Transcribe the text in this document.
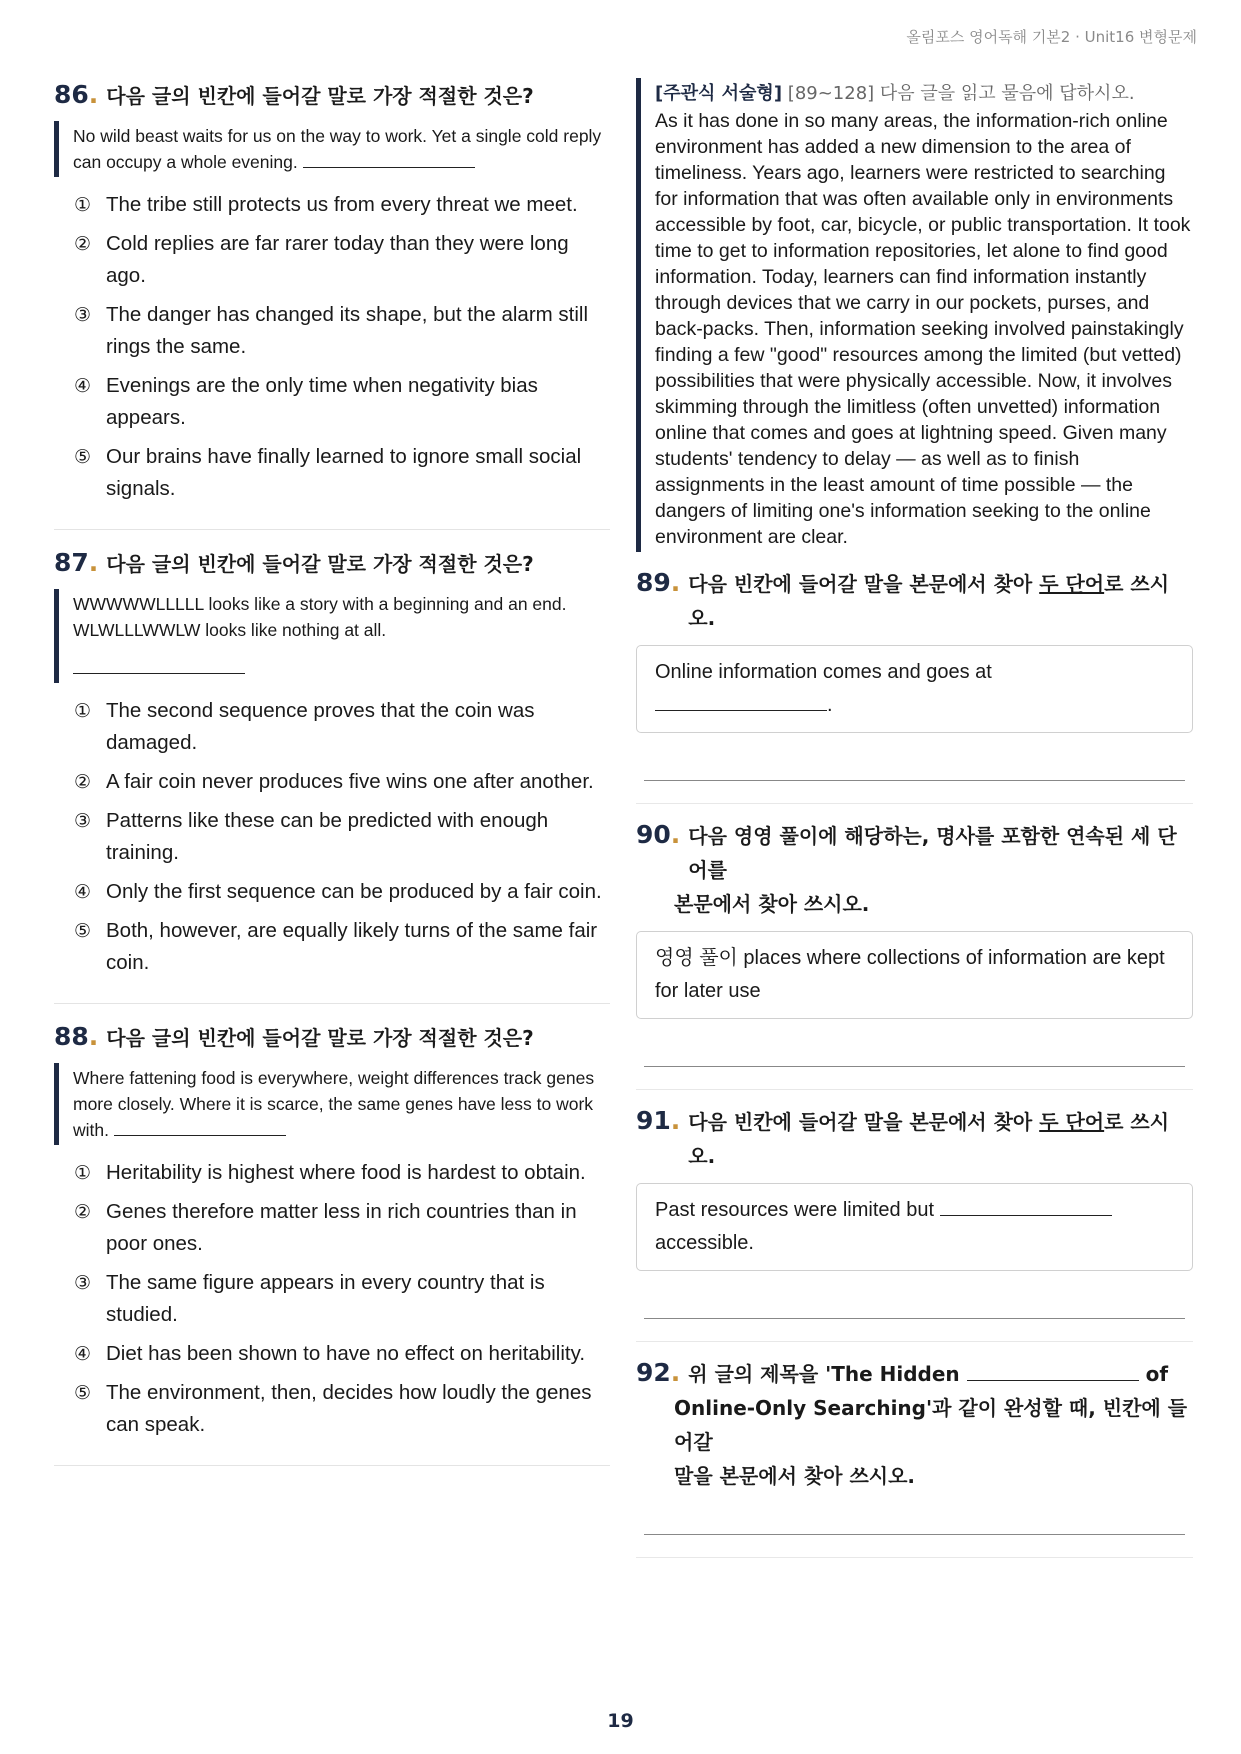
올림포스 영어독해 기본2 · Unit16 변형문제
86 . 다음 글의 빈칸에 들어갈 말로 가장 적절한 것은?
No wild beast waits for us on the way to work. Yet a single cold reply can occupy a whole evening.
① The tribe still protects us from every threat we meet.
② Cold replies are far rarer today than they were long ago.
③ The danger has changed its shape, but the alarm still rings the same.
④ Evenings are the only time when negativity bias appears.
⑤ Our brains have finally learned to ignore small social signals.
87 . 다음 글의 빈칸에 들어갈 말로 가장 적절한 것은?
WWWWWLLLLL looks like a story with a beginning and an end. WLWLLLWWLW looks like nothing at all.

① The second sequence proves that the coin was damaged.
② A fair coin never produces five wins one after another.
③ Patterns like these can be predicted with enough training.
④ Only the first sequence can be produced by a fair coin.
⑤ Both, however, are equally likely turns of the same fair coin.
88 . 다음 글의 빈칸에 들어갈 말로 가장 적절한 것은?
Where fattening food is everywhere, weight differences track genes more closely. Where it is scarce, the same genes have less to work with.
① Heritability is highest where food is hardest to obtain.
② Genes therefore matter less in rich countries than in poor ones.
③ The same figure appears in every country that is studied.
④ Diet has been shown to have no effect on heritability.
⑤ The environment, then, decides how loudly the genes can speak.
[주관식 서술형] [89~128] 다음 글을 읽고 물음에 답하시오.
As it has done in so many areas, the information-rich online environment has added a new dimension to the area of timeliness. Years ago, learners were restricted to searching for information that was often available only in environments accessible by foot, car, bicycle, or public transportation. It took time to get to information repositories, let alone to find good information. Today, learners can find information instantly through devices that we carry in our pockets, purses, and back-packs. Then, information seeking involved painstakingly finding a few "good" resources among the limited (but vetted) possibilities that were physically accessible. Now, it involves skimming through the limitless (often unvetted) information online that comes and goes at lightning speed. Given many students' tendency to delay — as well as to finish assignments in the least amount of time possible — the dangers of limiting one's information seeking to the online environment are clear.
89 . 다음 빈칸에 들어갈 말을 본문에서 찾아 두 단어로 쓰시오.
Online information comes and goes at
.
90 . 다음 영영 풀이에 해당하는, 명사를 포함한 연속된 세 단어를
본문에서 찾아 쓰시오.
영영 풀이 places where collections of information are kept for later use
91 . 다음 빈칸에 들어갈 말을 본문에서 찾아 두 단어로 쓰시오.
Past resources were limited but
accessible.
92 . 위 글의 제목을 'The Hidden	of
Online-Only Searching'과 같이 완성할 때, 빈칸에 들어갈
말을 본문에서 찾아 쓰시오.
19
